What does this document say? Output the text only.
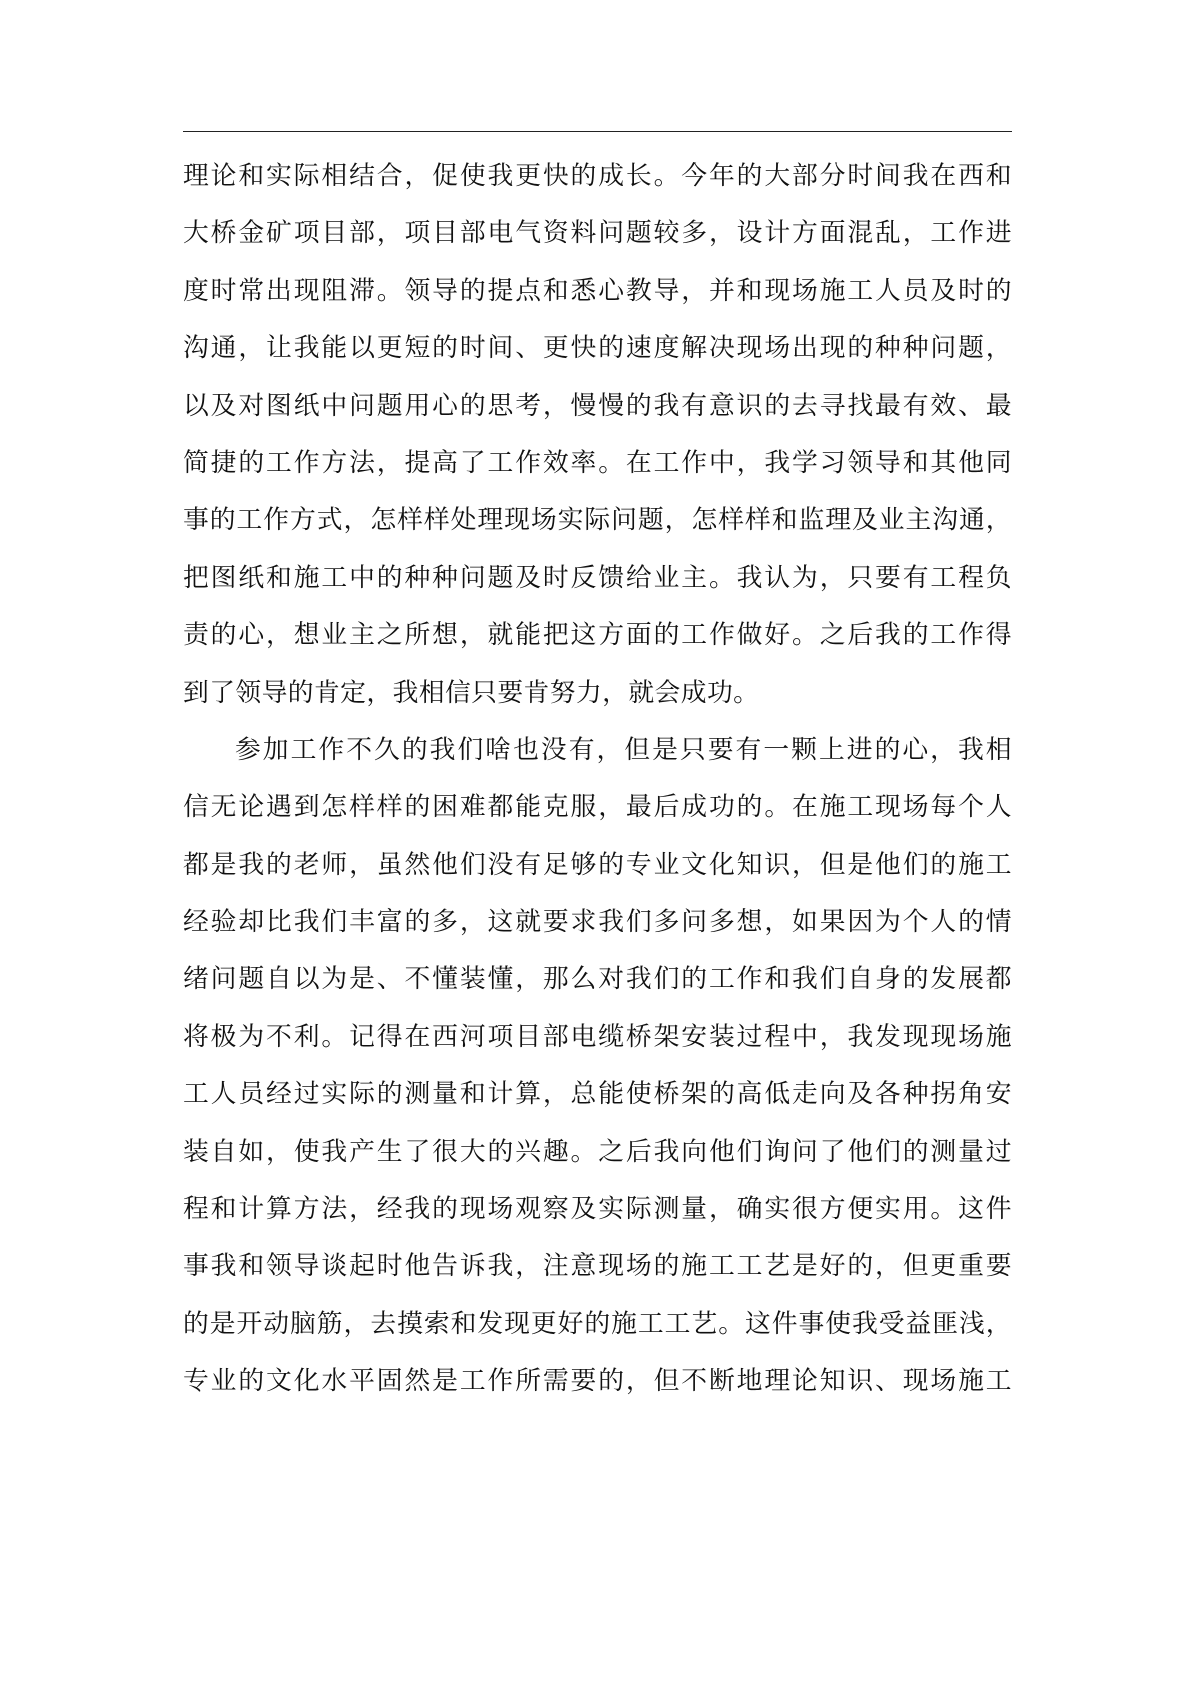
理论和实际相结合，促使我更快的成长。今年的大部分时间我在西和
大桥金矿项目部，项目部电气资料问题较多，设计方面混乱，工作进
度时常出现阻滞。领导的提点和悉心教导，并和现场施工人员及时的
沟通，让我能以更短的时间、更快的速度解决现场出现的种种问题，
以及对图纸中问题用心的思考，慢慢的我有意识的去寻找最有效、最
简捷的工作方法，提高了工作效率。在工作中，我学习领导和其他同
事的工作方式，怎样样处理现场实际问题，怎样样和监理及业主沟通，
把图纸和施工中的种种问题及时反馈给业主。我认为，只要有工程负
责的心，想业主之所想，就能把这方面的工作做好。之后我的工作得
到了领导的肯定，我相信只要肯努力，就会成功。
参加工作不久的我们啥也没有，但是只要有一颗上进的心，我相
信无论遇到怎样样的困难都能克服，最后成功的。在施工现场每个人
都是我的老师，虽然他们没有足够的专业文化知识，但是他们的施工
经验却比我们丰富的多，这就要求我们多问多想，如果因为个人的情
绪问题自以为是、不懂装懂，那么对我们的工作和我们自身的发展都
将极为不利。记得在西河项目部电缆桥架安装过程中，我发现现场施
工人员经过实际的测量和计算，总能使桥架的高低走向及各种拐角安
装自如，使我产生了很大的兴趣。之后我向他们询问了他们的测量过
程和计算方法，经我的现场观察及实际测量，确实很方便实用。这件
事我和领导谈起时他告诉我，注意现场的施工工艺是好的，但更重要
的是开动脑筋，去摸索和发现更好的施工工艺。这件事使我受益匪浅，
专业的文化水平固然是工作所需要的，但不断地理论知识、现场施工
